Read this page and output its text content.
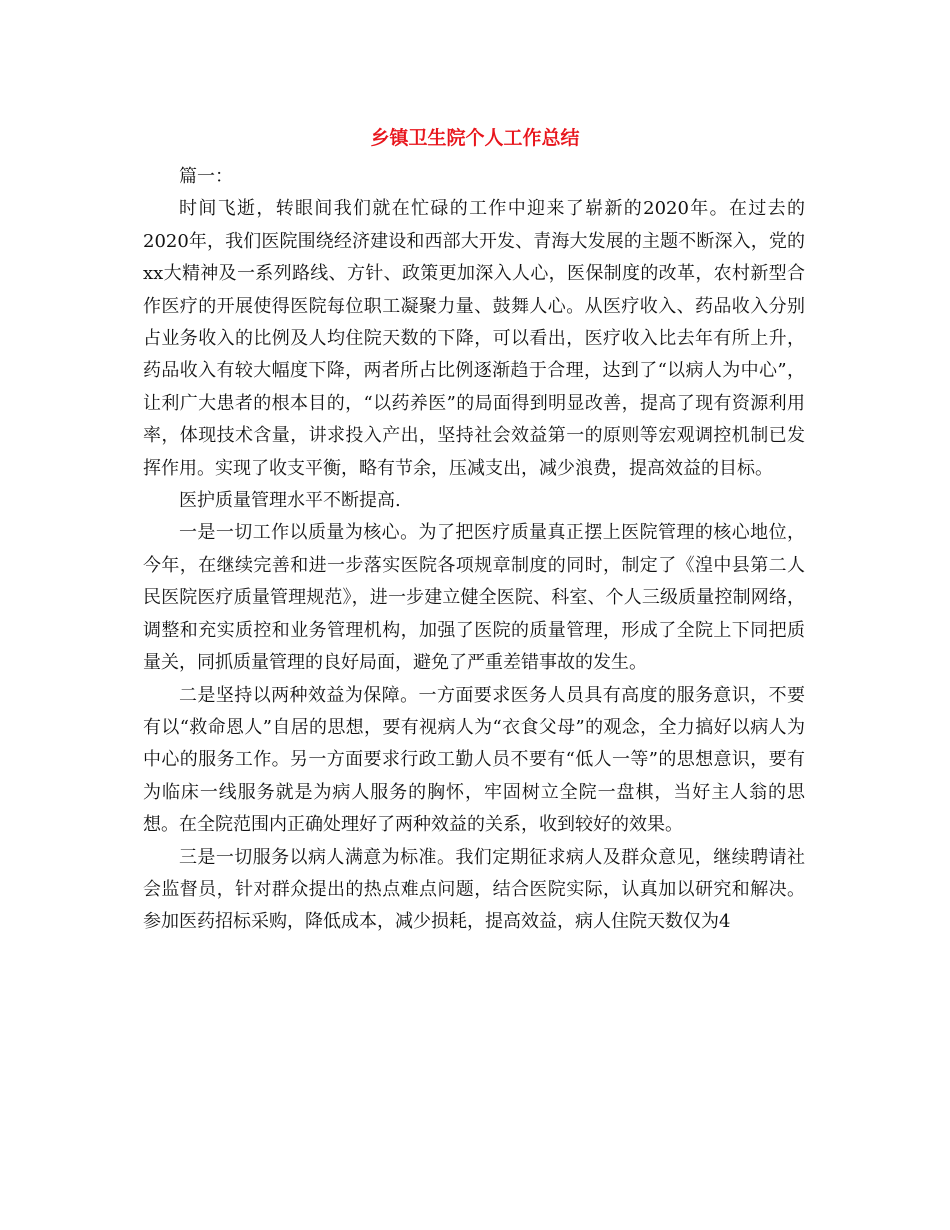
乡镇卫生院个人工作总结

篇一：

时间飞逝，转眼间我们就在忙碌的工作中迎来了崭新的2020年。在过去的2020年，我们医院围绕经济建设和西部大开发、青海大发展的主题不断深入，党的xx大精神及一系列路线、方针、政策更加深入人心，医保制度的改革，农村新型合作医疗的开展使得医院每位职工凝聚力量、鼓舞人心。从医疗收入、药品收入分别占业务收入的比例及人均住院天数的下降，可以看出，医疗收入比去年有所上升，药品收入有较大幅度下降，两者所占比例逐渐趋于合理，达到了“以病人为中心”，让利广大患者的根本目的，“以药养医”的局面得到明显改善，提高了现有资源利用率，体现技术含量，讲求投入产出，坚持社会效益第一的原则等宏观调控机制已发挥作用。实现了收支平衡，略有节余，压减支出，减少浪费，提高效益的目标。

医护质量管理水平不断提高.

一是一切工作以质量为核心。为了把医疗质量真正摆上医院管理的核心地位，今年，在继续完善和进一步落实医院各项规章制度的同时，制定了《湟中县第二人民医院医疗质量管理规范》，进一步建立健全医院、科室、个人三级质量控制网络，调整和充实质控和业务管理机构，加强了医院的质量管理，形成了全院上下同把质量关，同抓质量管理的良好局面，避免了严重差错事故的发生。

二是坚持以两种效益为保障。一方面要求医务人员具有高度的服务意识，不要有以“救命恩人”自居的思想，要有视病人为“衣食父母”的观念，全力搞好以病人为中心的服务工作。另一方面要求行政工勤人员不要有“低人一等”的思想意识，要有为临床一线服务就是为病人服务的胸怀，牢固树立全院一盘棋，当好主人翁的思想。在全院范围内正确处理好了两种效益的关系，收到较好的效果。

三是一切服务以病人满意为标准。我们定期征求病人及群众意见，继续聘请社会监督员，针对群众提出的热点难点问题，结合医院实际，认真加以研究和解决。参加医药招标采购，降低成本，减少损耗，提高效益，病人住院天数仅为4
